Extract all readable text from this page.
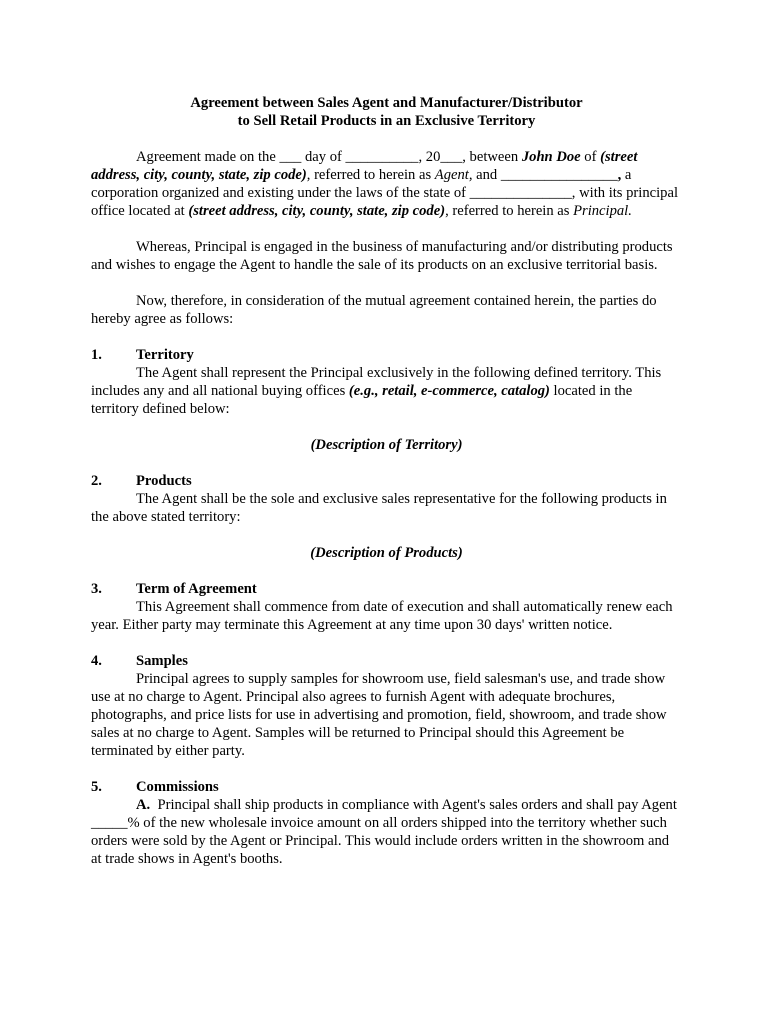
Agreement between Sales Agent and Manufacturer/Distributor

to Sell Retail Products in an Exclusive Territory

Agreement made on the ___ day of __________, 20___, between John Doe of (street address, city, county, state, zip code), referred to herein as Agent, and ________________, a corporation organized and existing under the laws of the state of ______________, with its principal office located at (street address, city, county, state, zip code), referred to herein as Principal.

Whereas, Principal is engaged in the business of manufacturing and/or distributing products and wishes to engage the Agent to handle the sale of its products on an exclusive territorial basis.

Now, therefore, in consideration of the mutual agreement contained herein, the parties do hereby agree as follows:

1.	Territory

The Agent shall represent the Principal exclusively in the following defined territory. This includes any and all national buying offices (e.g., retail, e-commerce, catalog) located in the territory defined below:

(Description of Territory)

2.	Products

The Agent shall be the sole and exclusive sales representative for the following products in the above stated territory:

(Description of Products)

3.	Term of Agreement

This Agreement shall commence from date of execution and shall automatically renew each year. Either party may terminate this Agreement at any time upon 30 days' written notice.

4.	Samples

Principal agrees to supply samples for showroom use, field salesman's use, and trade show use at no charge to Agent. Principal also agrees to furnish Agent with adequate brochures, photographs, and price lists for use in advertising and promotion, field, showroom, and trade show sales at no charge to Agent. Samples will be returned to Principal should this Agreement be terminated by either party.

5.	Commissions

A. Principal shall ship products in compliance with Agent's sales orders and shall pay Agent _____% of the new wholesale invoice amount on all orders shipped into the territory whether such orders were sold by the Agent or Principal. This would include orders written in the showroom and at trade shows in Agent's booths.
